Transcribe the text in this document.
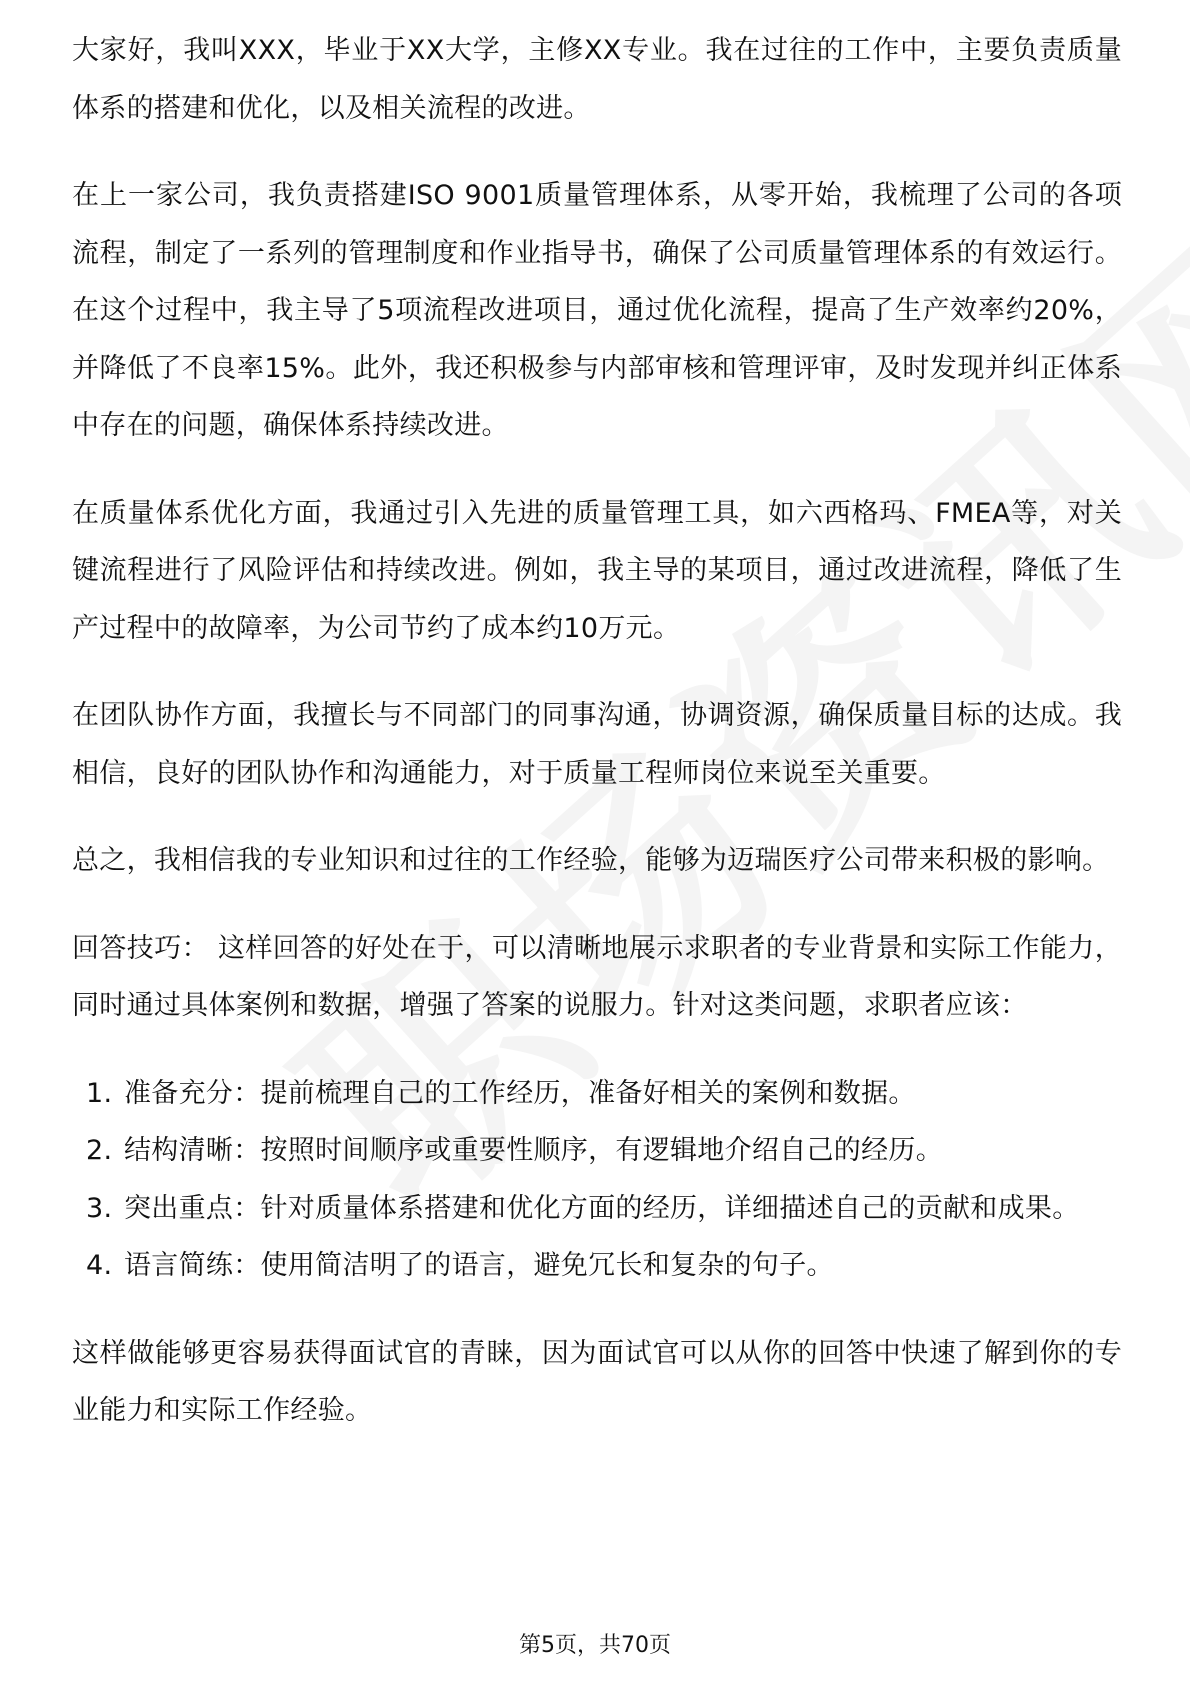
大家好，我叫XXX，毕业于XX大学，主修XX专业。我在过往的工作中，主要负责质量体系的搭建和优化，以及相关流程的改进。

在上一家公司，我负责搭建ISO 9001质量管理体系，从零开始，我梳理了公司的各项流程，制定了一系列的管理制度和作业指导书，确保了公司质量管理体系的有效运行。在这个过程中，我主导了5项流程改进项目，通过优化流程，提高了生产效率约20%，并降低了不良率15%。此外，我还积极参与内部审核和管理评审，及时发现并纠正体系中存在的问题，确保体系持续改进。

在质量体系优化方面，我通过引入先进的质量管理工具，如六西格玛、FMEA等，对关键流程进行了风险评估和持续改进。例如，我主导的某项目，通过改进流程，降低了生产过程中的故障率，为公司节约了成本约10万元。

在团队协作方面，我擅长与不同部门的同事沟通，协调资源，确保质量目标的达成。我相信，良好的团队协作和沟通能力，对于质量工程师岗位来说至关重要。

总之，我相信我的专业知识和过往的工作经验，能够为迈瑞医疗公司带来积极的影响。

回答技巧： 这样回答的好处在于，可以清晰地展示求职者的专业背景和实际工作能力，同时通过具体案例和数据，增强了答案的说服力。针对这类问题，求职者应该：

1. 准备充分：提前梳理自己的工作经历，准备好相关的案例和数据。
2. 结构清晰：按照时间顺序或重要性顺序，有逻辑地介绍自己的经历。
3. 突出重点：针对质量体系搭建和优化方面的经历，详细描述自己的贡献和成果。
4. 语言简练：使用简洁明了的语言，避免冗长和复杂的句子。

这样做能够更容易获得面试官的青睐，因为面试官可以从你的回答中快速了解到你的专业能力和实际工作经验。

第5页，共70页
